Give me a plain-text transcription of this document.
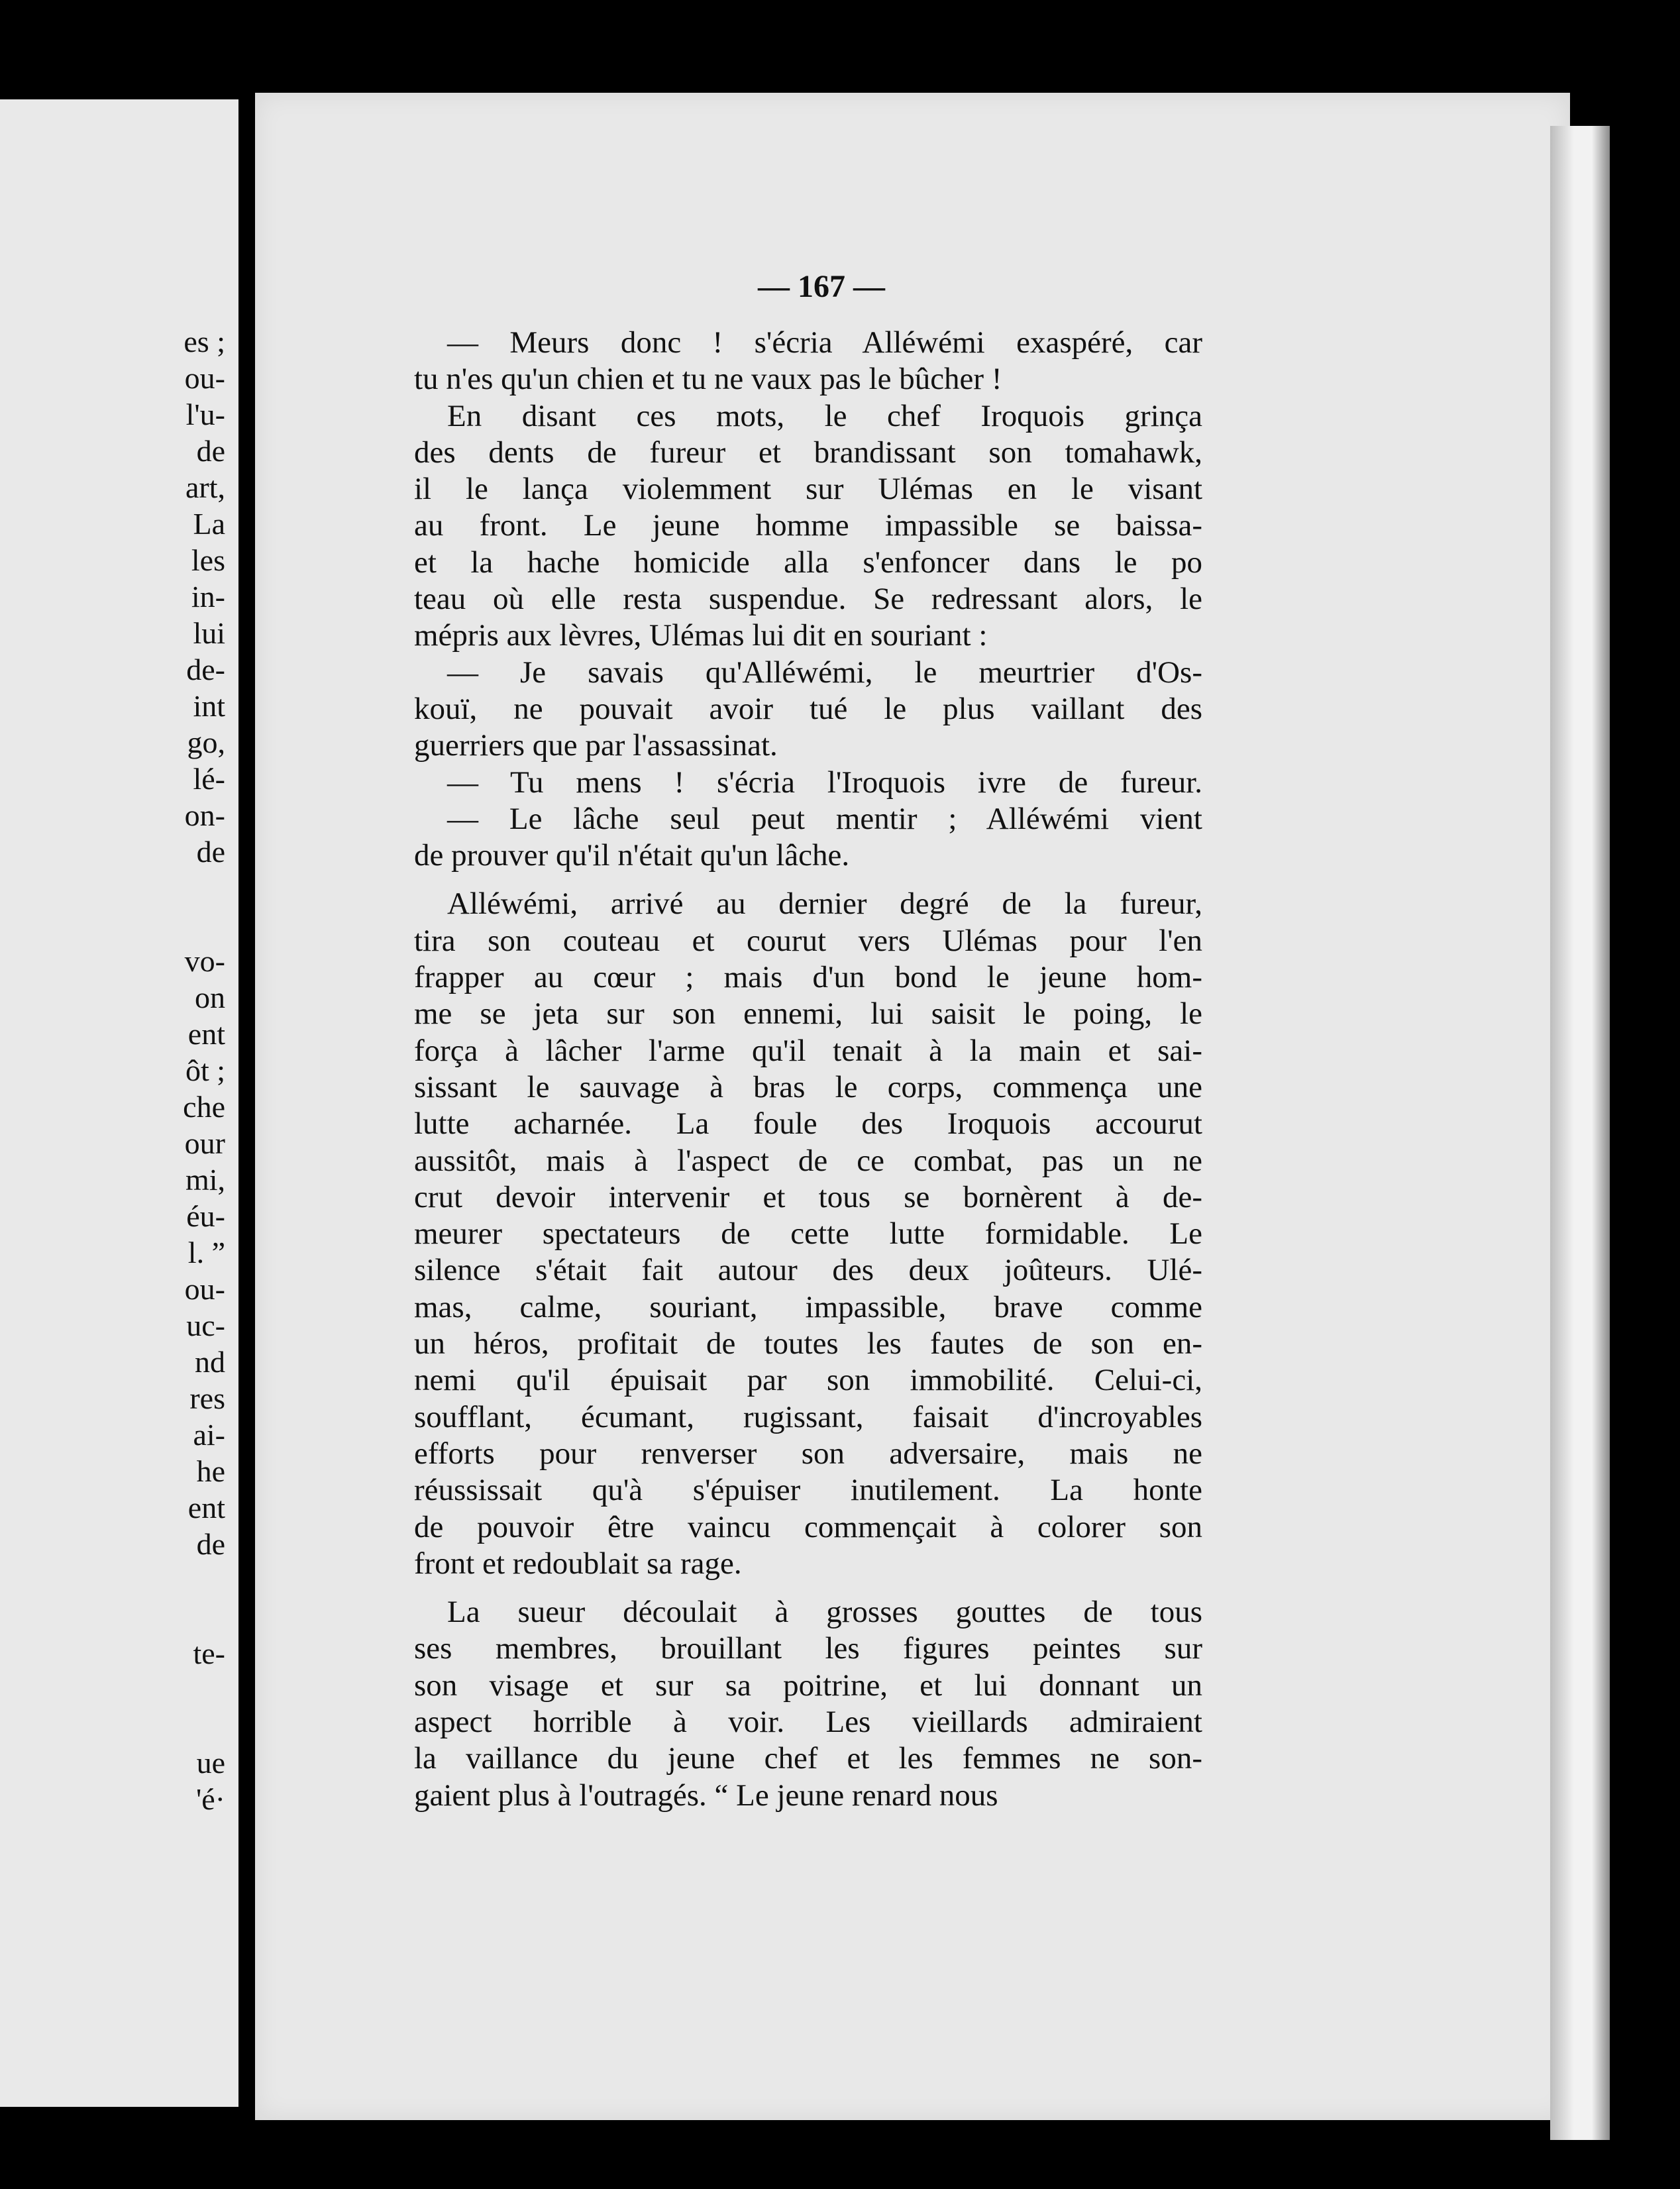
es ;
ou-
l'u-
de
art,
La
les
in-
lui
de-
int
go,
lé-
on-
de
vo-
on
ent
ôt ;
che
our
mi,
éu-
l. ”
ou-
uc-
nd
res
ai-
he
ent
de
te-
ue
'é·
— 167 —
— Meurs donc ! s'écria Alléwémi exaspéré, car
tu n'es qu'un chien et tu ne vaux pas le bûcher !
En disant ces mots, le chef Iroquois grinça
des dents de fureur et brandissant son tomahawk,
il le lança violemment sur Ulémas en le visant
au front. Le jeune homme impassible se baissa-
et la hache homicide alla s'enfoncer dans le po
teau où elle resta suspendue. Se redressant alors, le
mépris aux lèvres, Ulémas lui dit en souriant :
— Je savais qu'Alléwémi, le meurtrier d'Os-
kouï, ne pouvait avoir tué le plus vaillant des
guerriers que par l'assassinat.
— Tu mens ! s'écria l'Iroquois ivre de fureur.
— Le lâche seul peut mentir ; Alléwémi vient
de prouver qu'il n'était qu'un lâche.
Alléwémi, arrivé au dernier degré de la fureur,
tira son couteau et courut vers Ulémas pour l'en
frapper au cœur ; mais d'un bond le jeune hom-
me se jeta sur son ennemi, lui saisit le poing, le
força à lâcher l'arme qu'il tenait à la main et sai-
sissant le sauvage à bras le corps, commença une
lutte acharnée. La foule des Iroquois accourut
aussitôt, mais à l'aspect de ce combat, pas un ne
crut devoir intervenir et tous se bornèrent à de-
meurer spectateurs de cette lutte formidable. Le
silence s'était fait autour des deux joûteurs. Ulé-
mas, calme, souriant, impassible, brave comme
un héros, profitait de toutes les fautes de son en-
nemi qu'il épuisait par son immobilité. Celui-ci,
soufflant, écumant, rugissant, faisait d'incroyables
efforts pour renverser son adversaire, mais ne
réussissait qu'à s'épuiser inutilement. La honte
de pouvoir être vaincu commençait à colorer son
front et redoublait sa rage.
La sueur découlait à grosses gouttes de tous
ses membres, brouillant les figures peintes sur
son visage et sur sa poitrine, et lui donnant un
aspect horrible à voir. Les vieillards admiraient
la vaillance du jeune chef et les femmes ne son-
gaient plus à l'outragés. “ Le jeune renard nous
